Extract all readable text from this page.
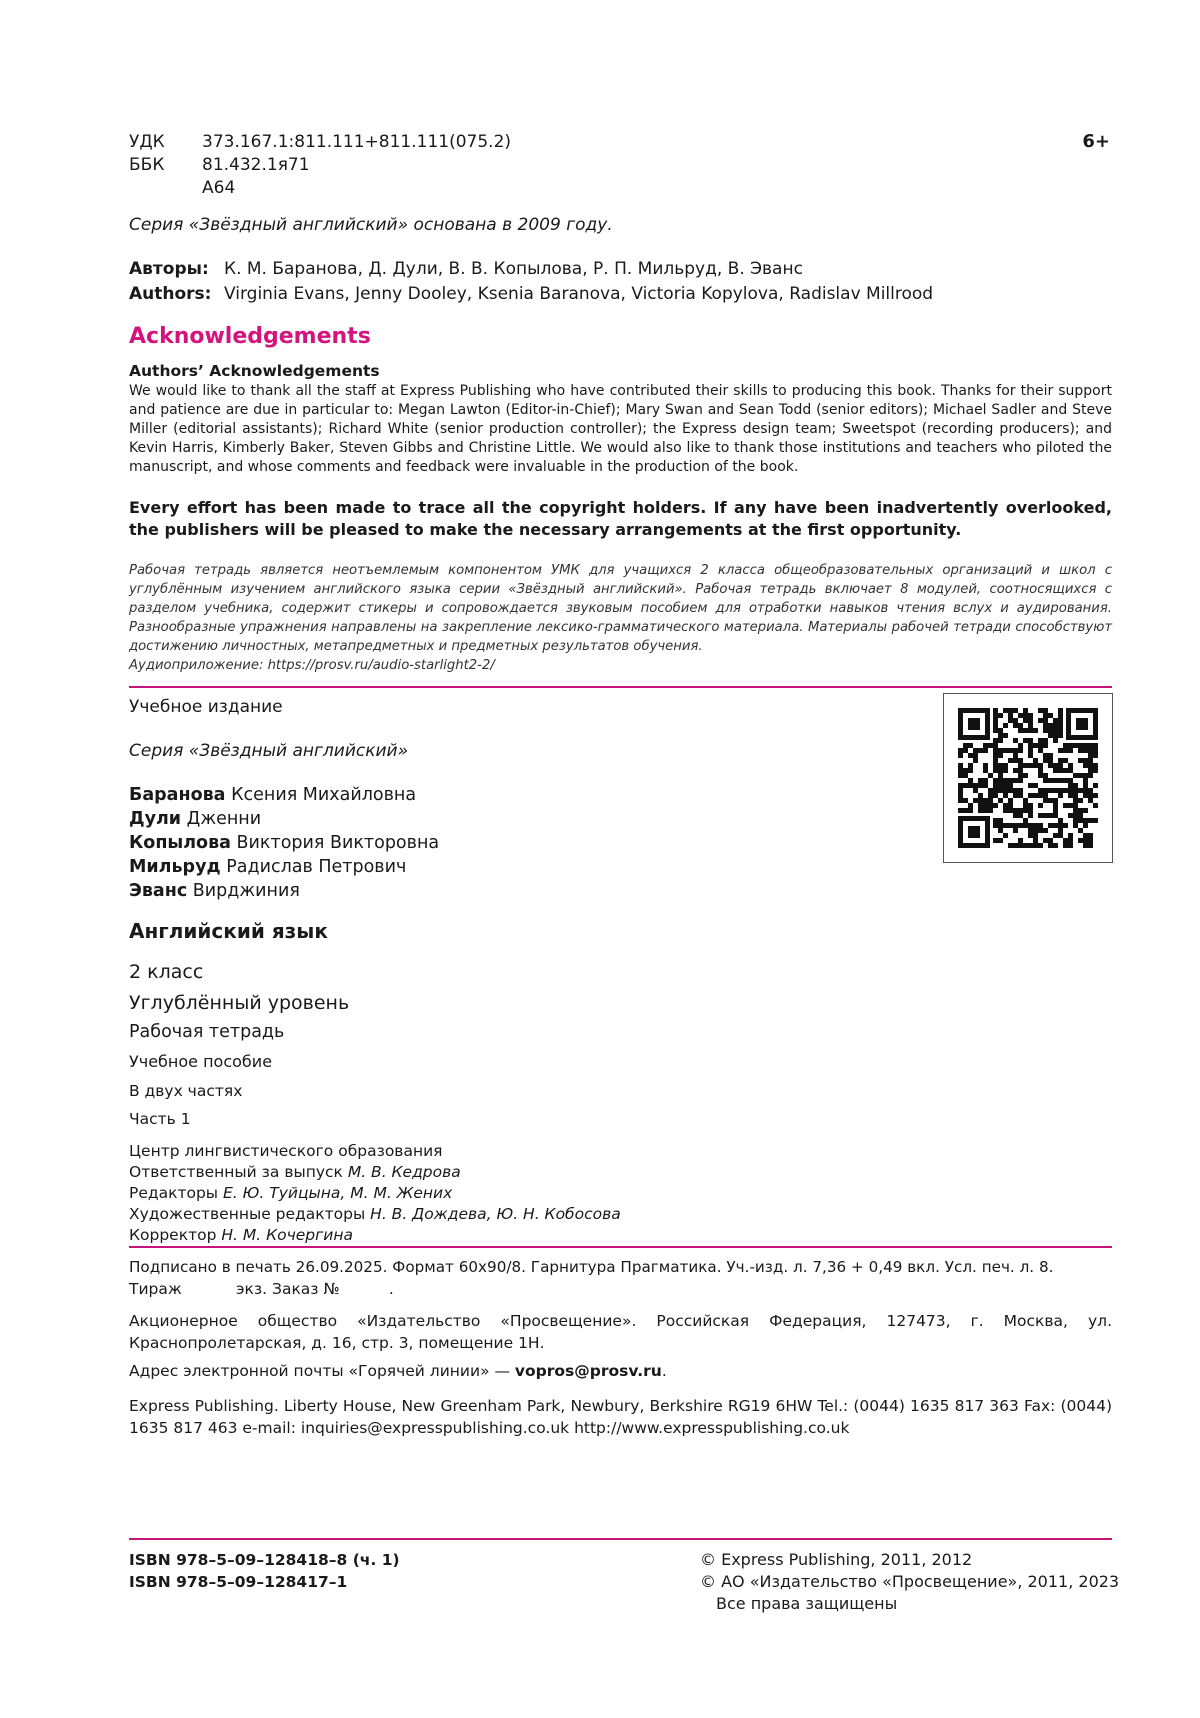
УДК 373.167.1:811.111+811.111(075.2)
ББК 81.432.1я71
А64
6+
Серия «Звёздный английский» основана в 2009 году.
Авторы: К. М. Баранова, Д. Дули, В. В. Копылова, Р. П. Мильруд, В. Эванс
Authors: Virginia Evans, Jenny Dooley, Ksenia Baranova, Victoria Kopylova, Radislav Millrood
Acknowledgements
Authors’ Acknowledgements
We would like to thank all the staff at Express Publishing who have contributed their skills to producing this book. Thanks for their support and patience are due in particular to: Megan Lawton (Editor-in-Chief); Mary Swan and Sean Todd (senior editors); Michael Sadler and Steve Miller (editorial assistants); Richard White (senior production controller); the Express design team; Sweetspot (recording producers); and Kevin Harris, Kimberly Baker, Steven Gibbs and Christine Little. We would also like to thank those institutions and teachers who piloted the manuscript, and whose comments and feedback were invaluable in the production of the book.
Every effort has been made to trace all the copyright holders. If any have been inadvertently overlooked, the publishers will be pleased to make the necessary arrangements at the first opportunity.
Рабочая тетрадь является неотъемлемым компонентом УМК для учащихся 2 класса общеобразовательных организаций и школ с углублённым изучением английского языка серии «Звёздный английский». Рабочая тетрадь включает 8 модулей, соотносящихся с разделом учебника, содержит стикеры и сопровождается звуковым пособием для отработки навыков чтения вслух и аудирования. Разнообразные упражнения направлены на закрепление лексико-грамматического материала. Материалы рабочей тетради способствуют достижению личностных, метапредметных и предметных результатов обучения.
Аудиоприложение: https://prosv.ru/audio-starlight2-2/
Учебное издание
Серия «Звёздный английский»
Баранова Ксения Михайловна
Дули Дженни
Копылова Виктория Викторовна
Мильруд Радислав Петрович
Эванс Вирджиния
Английский язык
2 класс
Углублённый уровень
Рабочая тетрадь
Учебное пособие
В двух частях
Часть 1
Центр лингвистического образования
Ответственный за выпуск М. В. Кедрова
Редакторы Е. Ю. Туйцына, М. М. Жених
Художественные редакторы Н. В. Дождева, Ю. Н. Кобосова
Корректор Н. М. Кочергина
Подписано в печать 26.09.2025. Формат 60x90/8. Гарнитура Прагматика. Уч.-изд. л. 7,36 + 0,49 вкл. Усл. печ. л. 8.
Тираж           экз. Заказ №          .
Акционерное общество «Издательство «Просвещение». Российская Федерация, 127473, г. Москва, ул. Краснопролетарская, д. 16, стр. 3, помещение 1Н.
Адрес электронной почты «Горячей линии» — vopros@prosv.ru.
Express Publishing. Liberty House, New Greenham Park, Newbury, Berkshire RG19 6HW Tel.: (0044) 1635 817 363 Fax: (0044) 1635 817 463 e-mail: inquiries@expresspublishing.co.uk http://www.expresspublishing.co.uk
ISBN 978–5–09–128418–8 (ч. 1)
ISBN 978–5–09–128417–1
© Express Publishing, 2011, 2012
© АО «Издательство «Просвещение», 2011, 2023
Все права защищены
